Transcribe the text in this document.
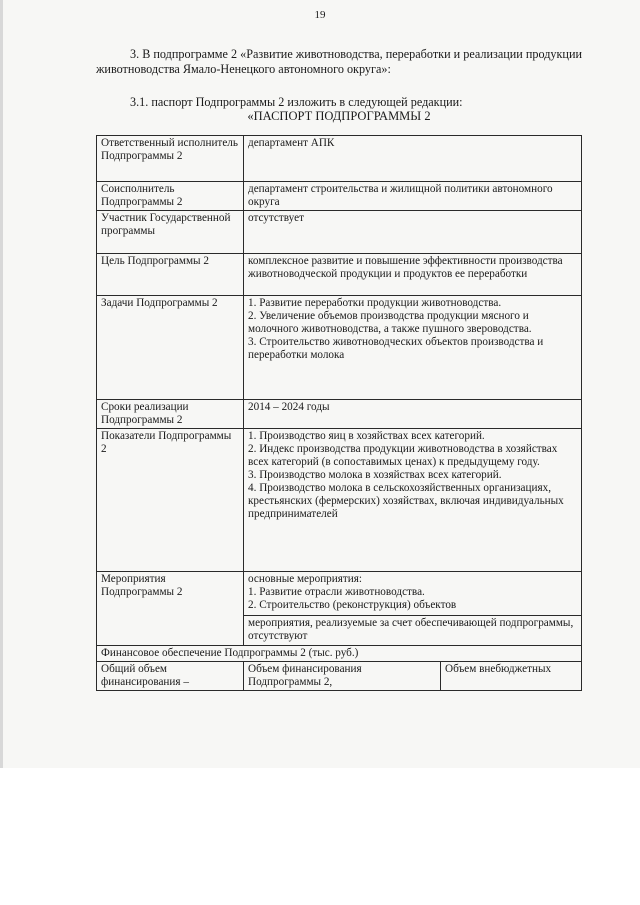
19
3. В подпрограмме 2 «Развитие животноводства, переработки и реализации продукции животноводства Ямало-Ненецкого автономного округа»:
3.1. паспорт Подпрограммы 2 изложить в следующей редакции:
«ПАСПОРТ ПОДПРОГРАММЫ 2
Ответственный исполнитель Подпрограммы 2	департамент АПК	
Соисполнитель Подпрограммы 2	департамент строительства и жилищной политики автономного округа	
Участник Государственной программы	отсутствует	
Цель Подпрограммы 2	комплексное развитие и повышение эффективности производства животноводческой продукции и продуктов ее переработки	
Задачи Подпрограммы 2	1. Развитие переработки продукции животноводства.
2. Увеличение объемов производства продукции мясного и молочного животноводства, а также пушного звероводства.
3. Строительство животноводческих объектов производства и переработки молока	

Сроки реализации Подпрограммы 2	2014 – 2024 годы	
Показатели Подпрограммы 2	1. Производство яиц в хозяйствах всех категорий.
2. Индекс производства продукции животноводства в хозяйствах всех категорий (в сопоставимых ценах) к предыдущему году.
3. Производство молока в хозяйствах всех категорий.
4. Производство молока в сельскохозяйственных организациях, крестьянских (фермерских) хозяйствах, включая индивидуальных предпринимателей	

Мероприятия Подпрограммы 2	основные мероприятия:
1. Развитие отрасли животноводства.
2. Строительство (реконструкция) объектов	

	мероприятия, реализуемые за счет обеспечивающей подпрограммы, отсутствуют	
Финансовое обеспечение Подпрограммы 2 (тыс. руб.)		
Общий объем финансирования –	Объем финансирования Подпрограммы 2,	Объем внебюджетных
